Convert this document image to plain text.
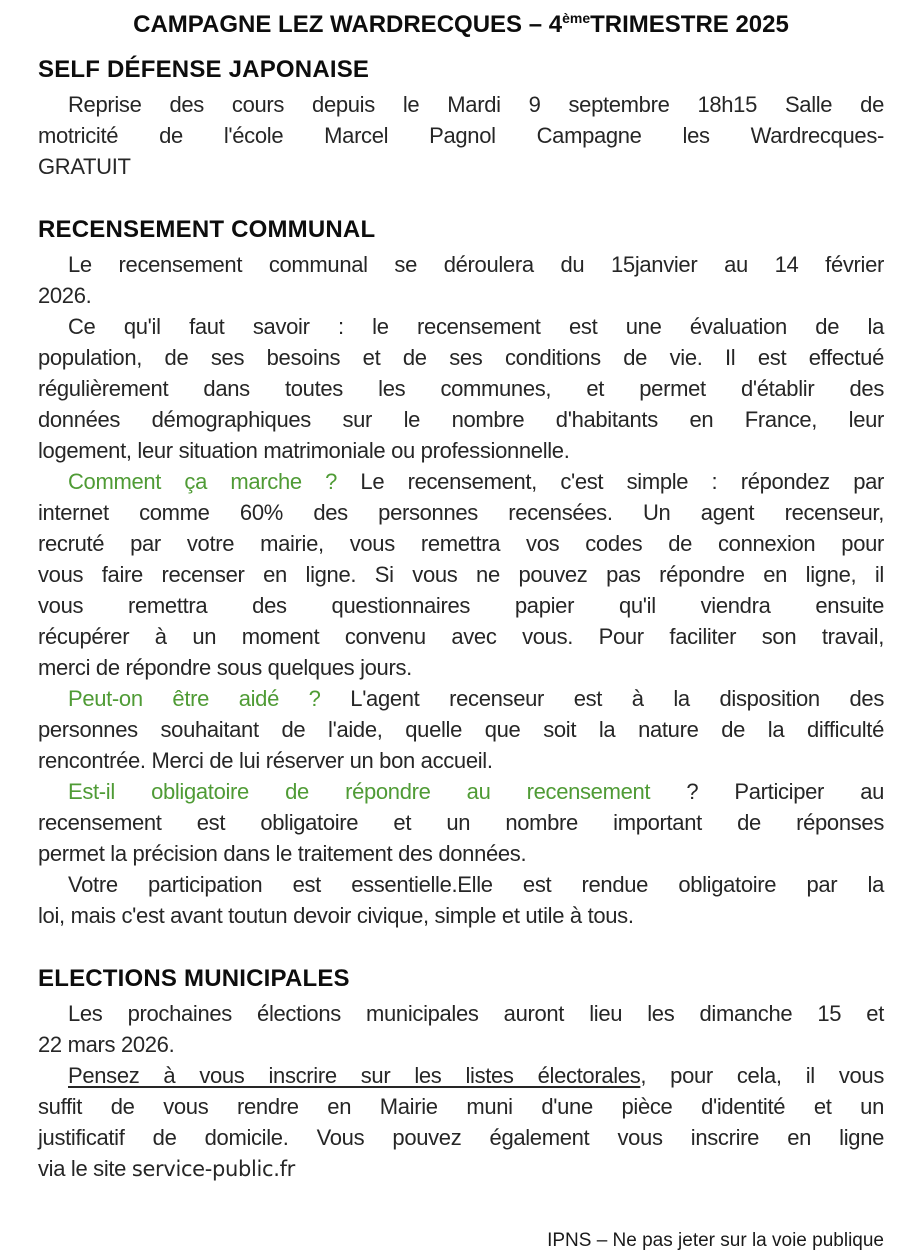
CAMPAGNE LEZ WARDRECQUES – 4èmeTRIMESTRE 2025
SELF DÉFENSE JAPONAISE
Reprise des cours depuis le Mardi 9 septembre 18h15 Salle de
motricité de l'école Marcel Pagnol Campagne les Wardrecques-
GRATUIT
RECENSEMENT COMMUNAL
Le recensement communal se déroulera du 15janvier au 14 février
2026.
Ce qu'il faut savoir : le recensement est une évaluation de la
population, de ses besoins et de ses conditions de vie. Il est effectué
régulièrement dans toutes les communes, et permet d'établir des
données démographiques sur le nombre d'habitants en France, leur
logement, leur situation matrimoniale ou professionnelle.
Comment ça marche ? Le recensement, c'est simple : répondez par
internet comme 60% des personnes recensées. Un agent recenseur,
recruté par votre mairie, vous remettra vos codes de connexion pour
vous faire recenser en ligne. Si vous ne pouvez pas répondre en ligne, il
vous remettra des questionnaires papier qu'il viendra ensuite
récupérer à un moment convenu avec vous. Pour faciliter son travail,
merci de répondre sous quelques jours.
Peut-on être aidé ? L'agent recenseur est à la disposition des
personnes souhaitant de l'aide, quelle que soit la nature de la difficulté
rencontrée. Merci de lui réserver un bon accueil.
Est-il obligatoire de répondre au recensement ? Participer au
recensement est obligatoire et un nombre important de réponses
permet la précision dans le traitement des données.
Votre participation est essentielle.Elle est rendue obligatoire par la
loi, mais c'est avant toutun devoir civique, simple et utile à tous.
ELECTIONS MUNICIPALES
Les prochaines élections municipales auront lieu les dimanche 15 et
22 mars 2026.
Pensez à vous inscrire sur les listes électorales, pour cela, il vous
suffit de vous rendre en Mairie muni d'une pièce d'identité et un
justificatif de domicile. Vous pouvez également vous inscrire en ligne
via le site service-public.fr
IPNS – Ne pas jeter sur la voie publique
